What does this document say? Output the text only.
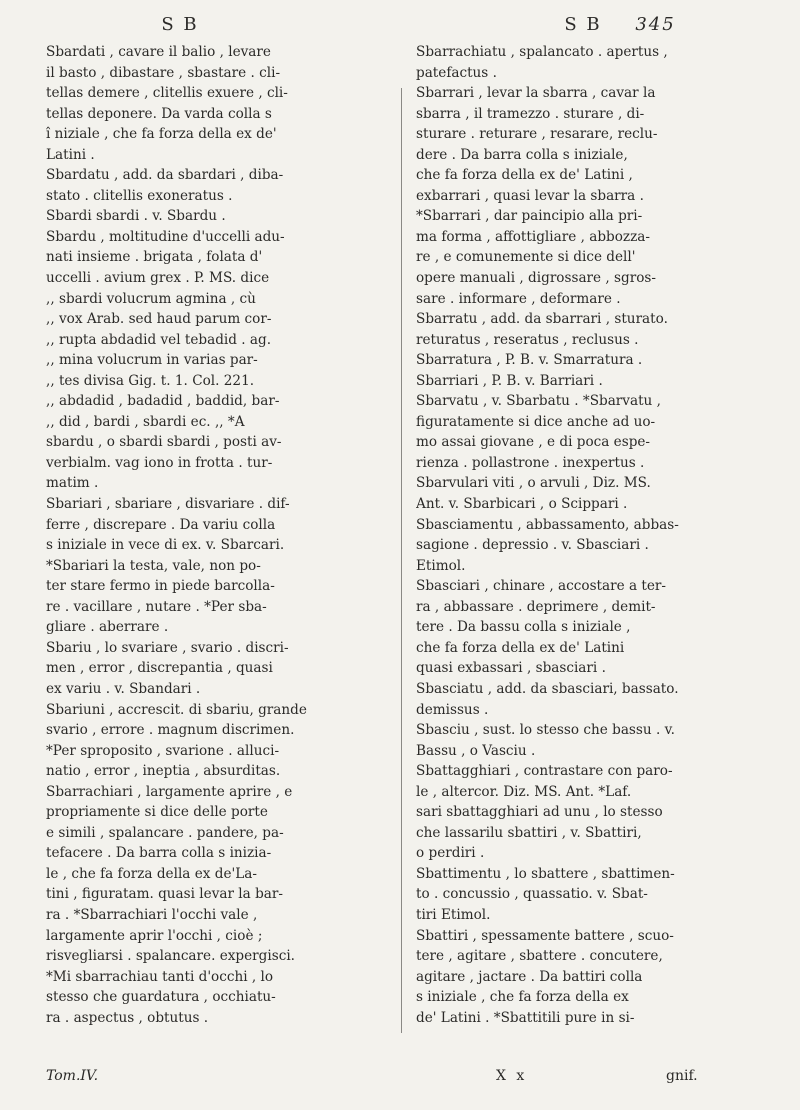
S B	S B 345
Sbardati , cavare il balio , levare
il basto , dibastare , sbastare . cli-
tellas demere , clitellis exuere , cli-
tellas deponere. Da varda colla s
î niziale , che fa forza della ex de'
Latini .
Sbardatu , add. da sbardari , diba-
stato . clitellis exoneratus .
Sbardi sbardi . v. Sbardu .
Sbardu , moltitudine d'uccelli adu-
nati insieme . brigata , folata d'
uccelli . avium grex . P. MS. dice
,, sbardi volucrum agmina , cù
,, vox Arab. sed haud parum cor-
,, rupta abdadid vel tebadid . ag.
,, mina volucrum in varias par-
,, tes divisa Gig. t. 1. Col. 221.
,, abdadid , badadid , baddid, bar-
,, did , bardi , sbardi ec. ,, *A
sbardu , o sbardi sbardi , posti av-
verbialm. vag iono in frotta . tur-
matim .
Sbariari , sbariare , disvariare . dif-
ferre , discrepare . Da variu colla
s iniziale in vece di ex. v. Sbarcari.
*Sbariari la testa, vale, non po-
ter stare fermo in piede barcolla-
re . vacillare , nutare . *Per sba-
gliare . aberrare .
Sbariu , lo svariare , svario . discri-
men , error , discrepantia , quasi
ex variu . v. Sbandari .
Sbariuni , accrescit. di sbariu, grande
svario , errore . magnum discrimen.
*Per sproposito , svarione . alluci-
natio , error , ineptia , absurditas.
Sbarrachiari , largamente aprire , e
propriamente si dice delle porte
e simili , spalancare . pandere, pa-
tefacere . Da barra colla s inizia-
le , che fa forza della ex de'La-
tini , figuratam. quasi levar la bar-
ra . *Sbarrachiari l'occhi vale ,
largamente aprir l'occhi , cioè ;
risvegliarsi . spalancare. expergisci.
*Mi sbarrachiau tanti d'occhi , lo
stesso che guardatura , occhiatu-
ra . aspectus , obtutus .
Sbarrachiatu , spalancato . apertus ,
patefactus .
Sbarrari , levar la sbarra , cavar la
sbarra , il tramezzo . sturare , di-
sturare . returare , resarare, reclu-
dere . Da barra colla s iniziale,
che fa forza della ex de' Latini ,
exbarrari , quasi levar la sbarra .
*Sbarrari , dar paincipio alla pri-
ma forma , affottigliare , abbozza-
re , e comunemente si dice dell'
opere manuali , digrossare , sgros-
sare . informare , deformare .
Sbarratu , add. da sbarrari , sturato.
returatus , reseratus , reclusus .
Sbarratura , P. B. v. Smarratura .
Sbarriari , P. B. v. Barriari .
Sbarvatu , v. Sbarbatu . *Sbarvatu ,
figuratamente si dice anche ad uo-
mo assai giovane , e di poca espe-
rienza . pollastrone . inexpertus .
Sbarvulari viti , o arvuli , Diz. MS.
Ant. v. Sbarbicari , o Scippari .
Sbasciamentu , abbassamento, abbas-
sagione . depressio . v. Sbasciari .
Etimol.
Sbasciari , chinare , accostare a ter-
ra , abbassare . deprimere , demit-
tere . Da bassu colla s iniziale ,
che fa forza della ex de' Latini
quasi exbassari , sbasciari .
Sbasciatu , add. da sbasciari, bassato.
demissus .
Sbasciu , sust. lo stesso che bassu . v.
Bassu , o Vasciu .
Sbattagghiari , contrastare con paro-
le , altercor. Diz. MS. Ant. *Laf.
sari sbattagghiari ad unu , lo stesso
che lassarilu sbattiri , v. Sbattiri,
o perdiri .
Sbattimentu , lo sbattere , sbattimen-
to . concussio , quassatio. v. Sbat-
tiri Etimol.
Sbattiri , spessamente battere , scuo-
tere , agitare , sbattere . concutere,
agitare , jactare . Da battiri colla
s iniziale , che fa forza della ex
de' Latini . *Sbattitili pure in si-
Tom.IV.	X x	gnif.
